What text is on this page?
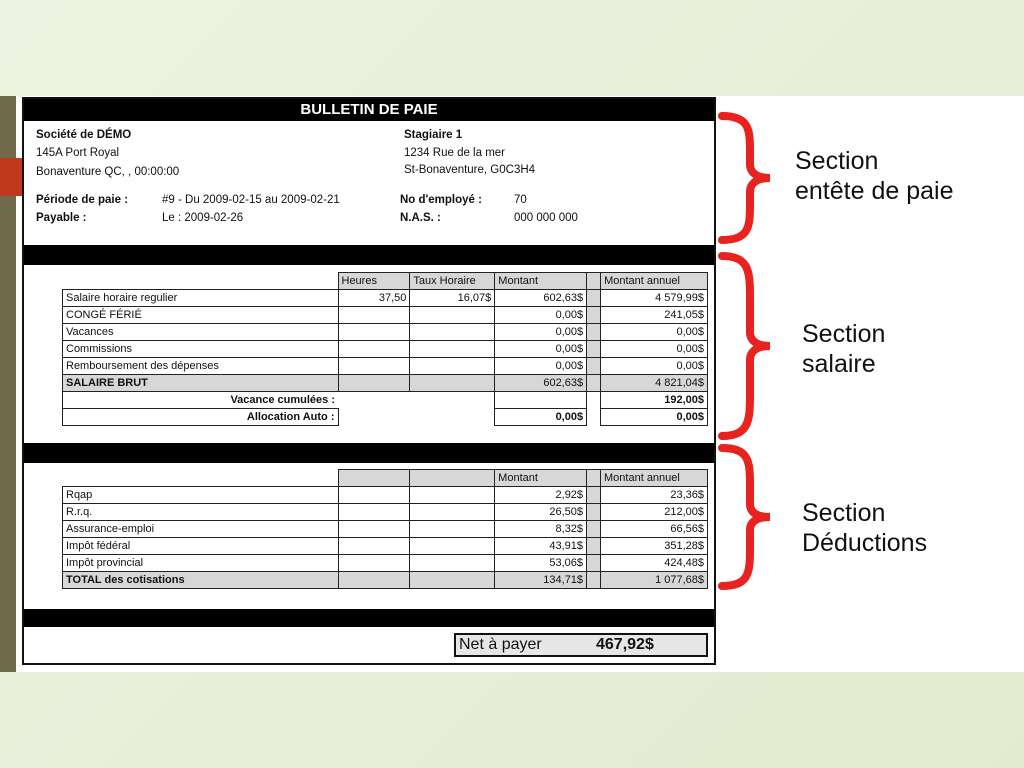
BULLETIN DE PAIE
Société de DÉMO
145A Port Royal
Bonaventure QC, , 00:00:00
Stagiaire 1
1234 Rue de la mer
St-Bonaventure, G0C3H4
Période de paie :	#9 - Du 2009-02-15 au 2009-02-21
Payable :	Le : 2009-02-26
No d'employé :	70
N.A.S. :	000 000 000
	Heures	Taux Horaire	Montant		Montant annuel
Salaire horaire regulier	37,50	16,07$	602,63$		4 579,99$
CONGÉ FÉRIÉ			0,00$		241,05$
Vacances			0,00$		0,00$
Commissions			0,00$		0,00$
Remboursement des dépenses			0,00$		0,00$
SALAIRE BRUT			602,63$		4 821,04$
Vacance cumulées :					192,00$
Allocation Auto :			0,00$		0,00$
			Montant		Montant annuel
Rqap			2,92$		23,36$
R.r.q.			26,50$		212,00$
Assurance-emploi			8,32$		66,56$
Impôt fédéral			43,91$		351,28$
Impôt provincial			53,06$		424,48$
TOTAL des cotisations			134,71$		1 077,68$
Net à payer	467,92$
Section
entête de paie
Section
salaire
Section
Déductions
